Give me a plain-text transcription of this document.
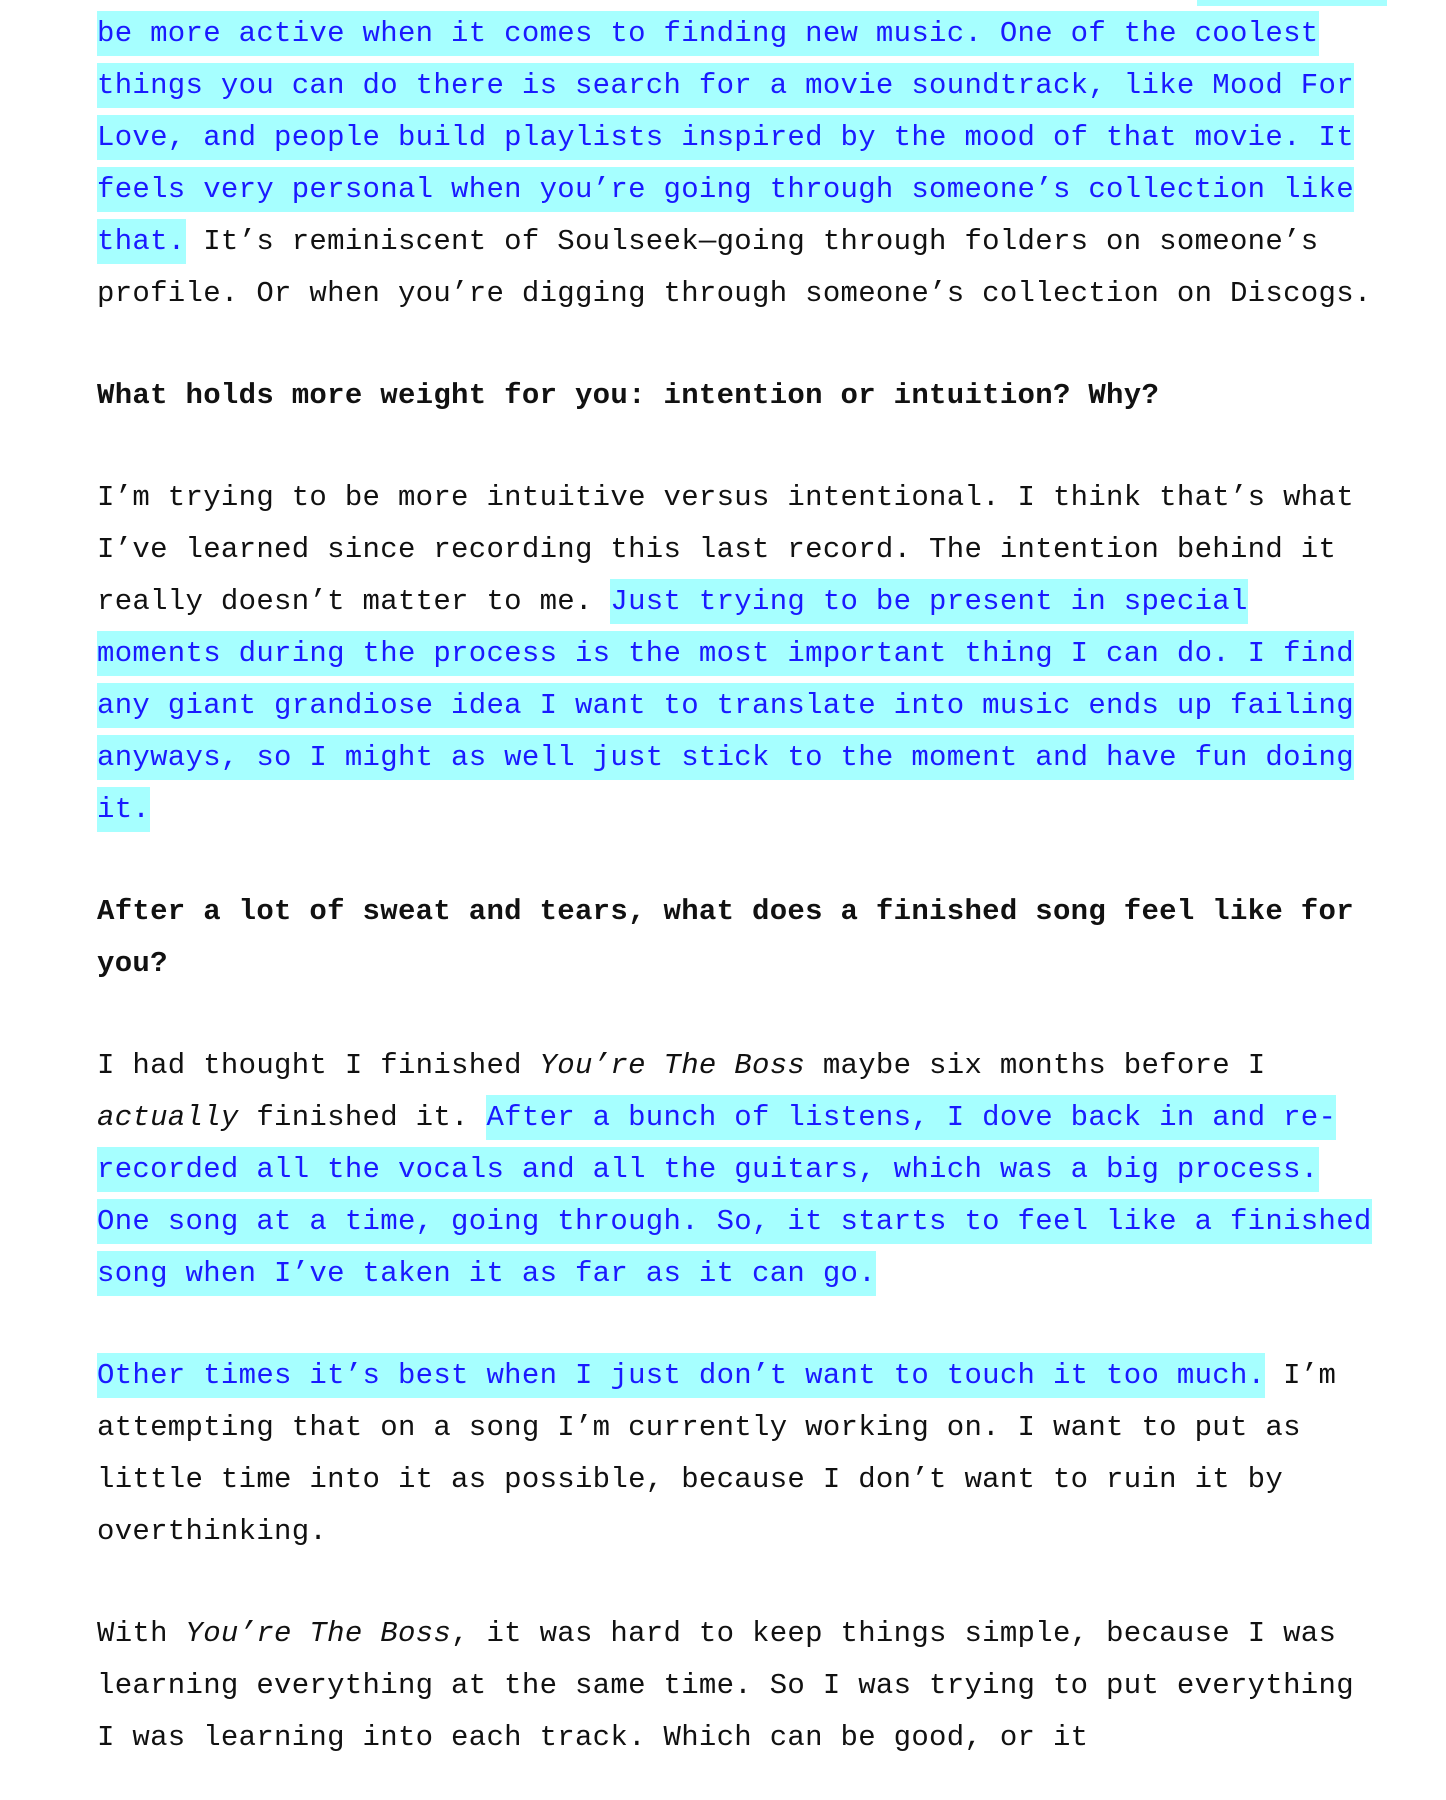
be more active when it comes to finding new music. One of the coolest things you can do there is search for a movie soundtrack, like Mood For Love, and people build playlists inspired by the mood of that movie. It feels very personal when you’re going through someone’s collection like that. It’s reminiscent of Soulseek—going through folders on someone’s profile. Or when you’re digging through someone’s collection on Discogs.

What holds more weight for you: intention or intuition? Why?

I’m trying to be more intuitive versus intentional. I think that’s what I’ve learned since recording this last record. The intention behind it really doesn’t matter to me. Just trying to be present in special moments during the process is the most important thing I can do. I find any giant grandiose idea I want to translate into music ends up failing anyways, so I might as well just stick to the moment and have fun doing it.

After a lot of sweat and tears, what does a finished song feel like for you?

I had thought I finished You’re The Boss maybe six months before I actually finished it. After a bunch of listens, I dove back in and re-recorded all the vocals and all the guitars, which was a big process. One song at a time, going through. So, it starts to feel like a finished song when I’ve taken it as far as it can go.

Other times it’s best when I just don’t want to touch it too much. I’m attempting that on a song I’m currently working on. I want to put as little time into it as possible, because I don’t want to ruin it by overthinking.

With You’re The Boss, it was hard to keep things simple, because I was learning everything at the same time. So I was trying to put everything I was learning into each track. Which can be good, or it
